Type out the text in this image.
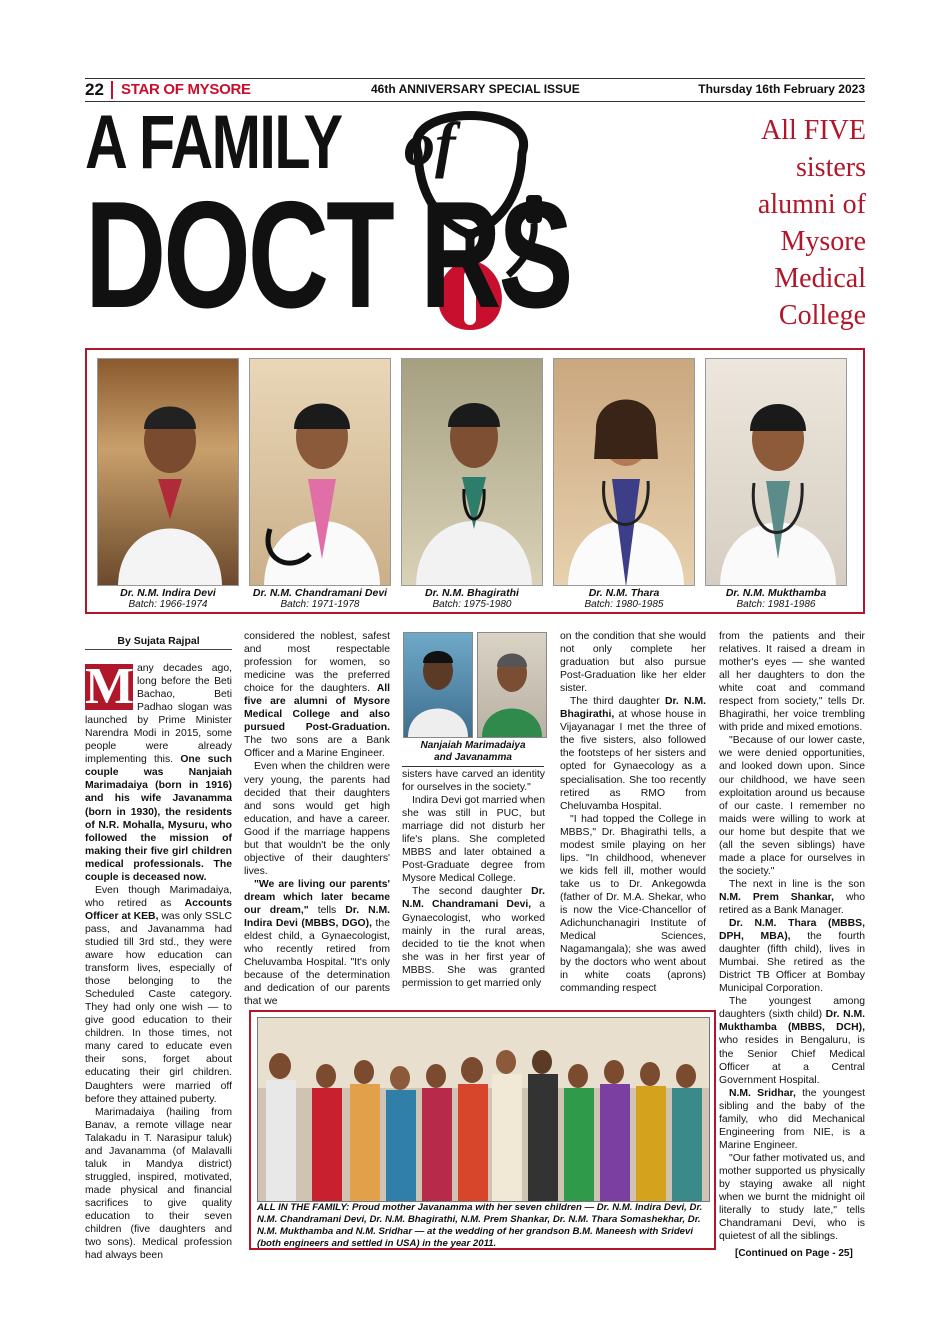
22 STAR OF MYSORE	46th ANNIVERSARY SPECIAL ISSUE	Thursday 16th February 2023
A FAMILY of
DOCT RS
All FIVE
sisters
alumni of
Mysore
Medical
College
Dr. N.M. Indira Devi
Batch: 1966-1974
Dr. N.M. Chandramani Devi
Batch: 1971-1978
Dr. N.M. Bhagirathi
Batch: 1975-1980
Dr. N.M. Thara
Batch: 1980-1985
Dr. N.M. Mukthamba
Batch: 1981-1986
By Sujata Rajpal
M any decades ago, long before the Beti Bachao, Beti Padhao slogan was launched by Prime Minister Narendra Modi in 2015, some people were already implementing this. One such couple was Nanjaiah Marimadaiya (born in 1916) and his wife Javanamma (born in 1930), the residents of N.R. Mohalla, Mysuru, who followed the mission of making their five girl children medical professionals. The couple is deceased now.

Even though Marimadaiya, who retired as Accounts Officer at KEB, was only SSLC pass, and Javanamma had studied till 3rd std., they were aware how education can transform lives, especially of those belonging to the Scheduled Caste category. They had only one wish — to give good education to their children. In those times, not many cared to educate even their sons, forget about educating their girl children. Daughters were married off before they attained puberty.

Marimadaiya (hailing from Banav, a remote village near Talakadu in T. Narasipur taluk) and Javanamma (of Malavalli taluk in Mandya district) struggled, inspired, motivated, made physical and financial sacrifices to give quality education to their seven children (five daughters and two sons). Medical profession had always been

considered the noblest, safest and most respectable profession for women, so medicine was the preferred choice for the daughters. All five are alumni of Mysore Medical College and also pursued Post-Graduation. The two sons are a Bank Officer and a Marine Engineer.

Even when the children were very young, the parents had decided that their daughters and sons would get high education, and have a career. Good if the marriage happens but that wouldn't be the only objective of their daughters' lives.

"We are living our parents' dream which later became our dream," tells Dr. N.M. Indira Devi (MBBS, DGO), the eldest child, a Gynaecologist, who recently retired from Cheluvamba Hospital. "It's only because of the determination and dedication of our parents that we

Nanjaiah Marimadaiya
and Javanamma

sisters have carved an identity for ourselves in the society."

Indira Devi got married when she was still in PUC, but marriage did not disturb her life's plans. She completed MBBS and later obtained a Post-Graduate degree from Mysore Medical College.

The second daughter Dr. N.M. Chandramani Devi, a Gynaecologist, who worked mainly in the rural areas, decided to tie the knot when she was in her first year of MBBS. She was granted permission to get married only

on the condition that she would not only complete her graduation but also pursue Post-Graduation like her elder sister.

The third daughter Dr. N.M. Bhagirathi, at whose house in Vijayanagar I met the three of the five sisters, also followed the footsteps of her sisters and opted for Gynaecology as a specialisation. She too recently retired as RMO from Cheluvamba Hospital.

"I had topped the College in MBBS," Dr. Bhagirathi tells, a modest smile playing on her lips. "In childhood, whenever we kids fell ill, mother would take us to Dr. Ankegowda (father of Dr. M.A. Shekar, who is now the Vice-Chancellor of Adichunchanagiri Institute of Medical Sciences, Nagamangala); she was awed by the doctors who went about in white coats (aprons) commanding respect

from the patients and their relatives. It raised a dream in mother's eyes — she wanted all her daughters to don the white coat and command respect from society," tells Dr. Bhagirathi, her voice trembling with pride and mixed emotions.

"Because of our lower caste, we were denied opportunities, and looked down upon. Since our childhood, we have seen exploitation around us because of our caste. I remember no maids were willing to work at our home but despite that we (all the seven siblings) have made a place for ourselves in the society."

The next in line is the son N.M. Prem Shankar, who retired as a Bank Manager.

Dr. N.M. Thara (MBBS, DPH, MBA), the fourth daughter (fifth child), lives in Mumbai. She retired as the District TB Officer at Bombay Municipal Corporation.

The youngest among daughters (sixth child) Dr. N.M. Mukthamba (MBBS, DCH), who resides in Bengaluru, is the Senior Chief Medical Officer at a Central Government Hospital.

N.M. Sridhar, the youngest sibling and the baby of the family, who did Mechanical Engineering from NIE, is a Marine Engineer.

"Our father motivated us, and mother supported us physically by staying awake all night when we burnt the midnight oil literally to study late," tells Chandramani Devi, who is quietest of all the siblings.

ALL IN THE FAMILY: Proud mother Javanamma with her seven children — Dr. N.M. Indira Devi, Dr. N.M. Chandramani Devi, Dr. N.M. Bhagirathi, N.M. Prem Shankar, Dr. N.M. Thara Somashekhar, Dr. N.M. Mukthamba and N.M. Sridhar — at the wedding of her grandson B.M. Maneesh with Sridevi (both engineers and settled in USA) in the year 2011.
[Continued on Page - 25]
